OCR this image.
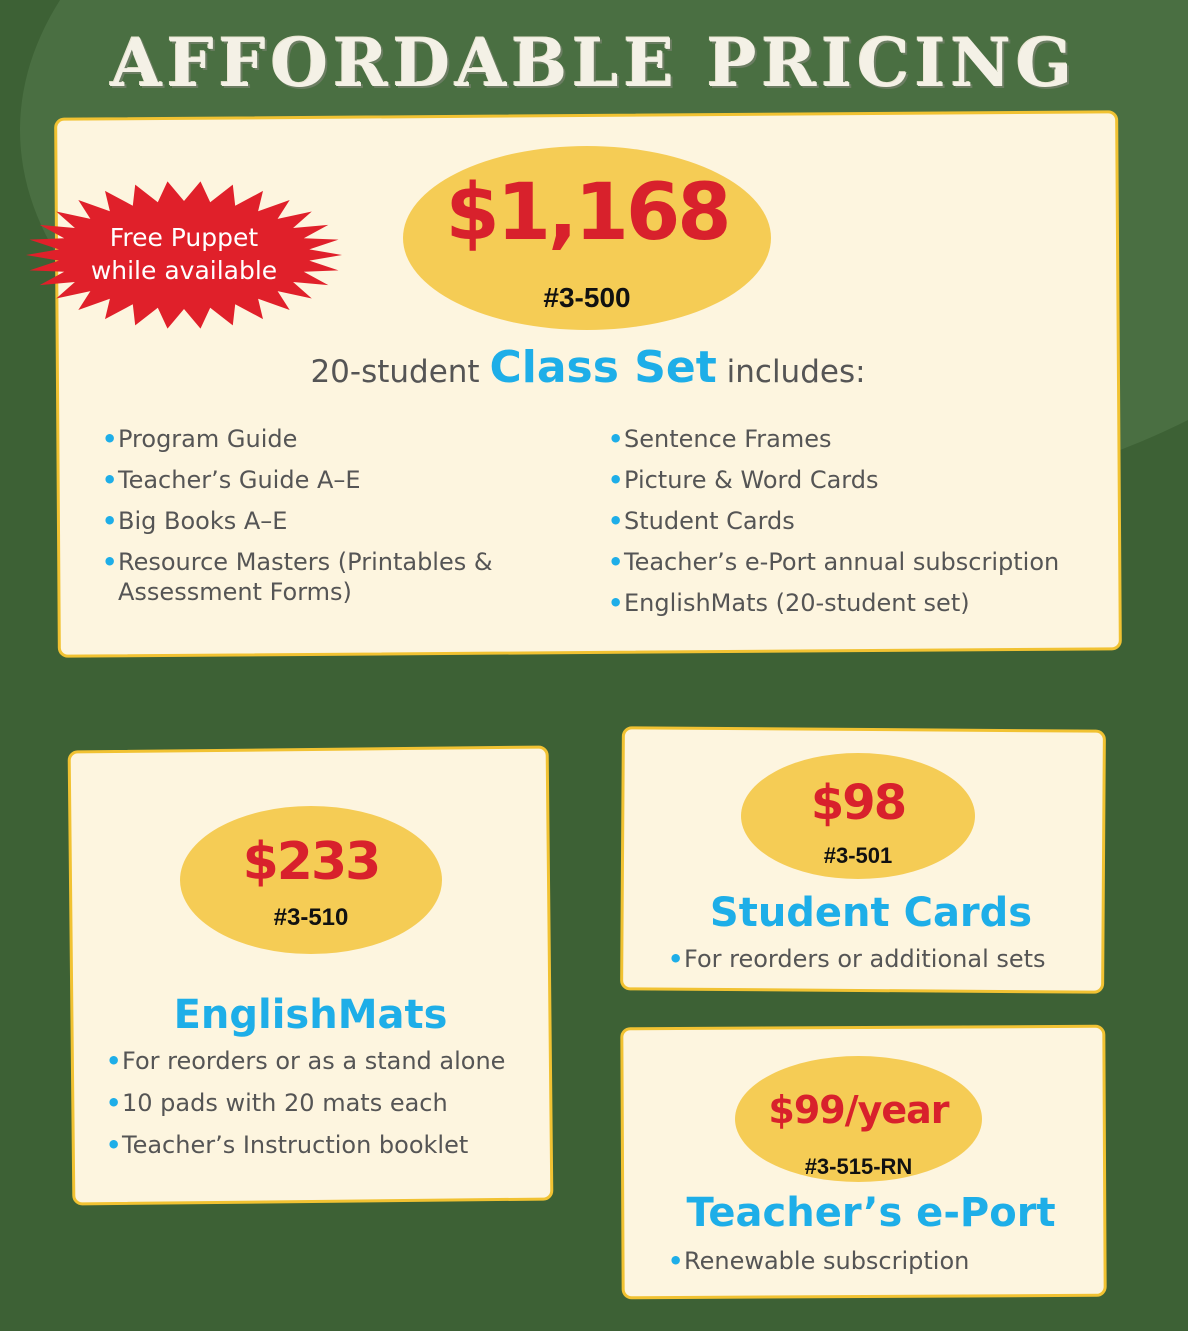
AFFORDABLE PRICING
$1,168
#3-500
Free Puppet
while available
20-student Class Set includes:
• Program Guide
• Teacher’s Guide A–E
• Big Books A–E
• Resource Masters (Printables & Assessment Forms)
• Sentence Frames
• Picture & Word Cards
• Student Cards
• Teacher’s e-Port annual subscription
• EnglishMats (20-student set)
$233
#3-510
EnglishMats
• For reorders or as a stand alone
• 10 pads with 20 mats each
• Teacher’s Instruction booklet
$98
#3-501
Student Cards
• For reorders or additional sets
$99/year
#3-515-RN
Teacher’s e-Port
• Renewable subscription
